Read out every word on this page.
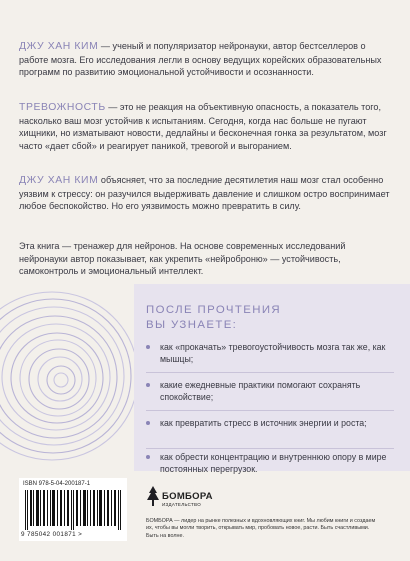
ДЖУ ХАН КИМ — ученый и популяризатор нейронауки, автор бестселлеров о работе мозга. Его исследования легли в основу ведущих корейских образовательных программ по развитию эмоциональной устойчивости и осознанности.

ТРЕВОЖНОСТЬ — это не реакция на объективную опасность, а показатель того, насколько ваш мозг устойчив к испытаниям. Сегодня, когда нас больше не пугают хищники, но изматывают новости, дедлайны и бесконечная гонка за результатом, мозг часто «дает сбой» и реагирует паникой, тревогой и выгоранием.

ДЖУ ХАН КИМ объясняет, что за последние десятилетия наш мозг стал особенно уязвим к стрессу: он разучился выдерживать давление и слишком остро воспринимает любое беспокойство. Но его уязвимость можно превратить в силу.

Эта книга — тренажер для нейронов. На основе современных исследований нейронауки автор показывает, как укрепить «нейроброню» — устойчивость, самоконтроль и эмоциональный интеллект.

ПОСЛЕ ПРОЧТЕНИЯ
ВЫ УЗНАЕТЕ:

как «прокачать» тревогоустойчивость мозга так же, как мышцы;

какие ежедневные практики помогают сохранять спокойствие;

как превратить стресс в источник энергии и роста;

как обрести концентрацию и внутреннюю опору в мире постоянных перегрузок.

ISBN 978-5-04-200187-1

9 785042 001871 >
БОМБОРА
ИЗДАТЕЛЬСТВО

БОМБОРА — лидер на рынке полезных и вдохновляющих книг. Мы любим книги и создаем их, чтобы вы могли творить, открывать мир, пробовать новое, расти. Быть счастливыми. Быть на волне.
